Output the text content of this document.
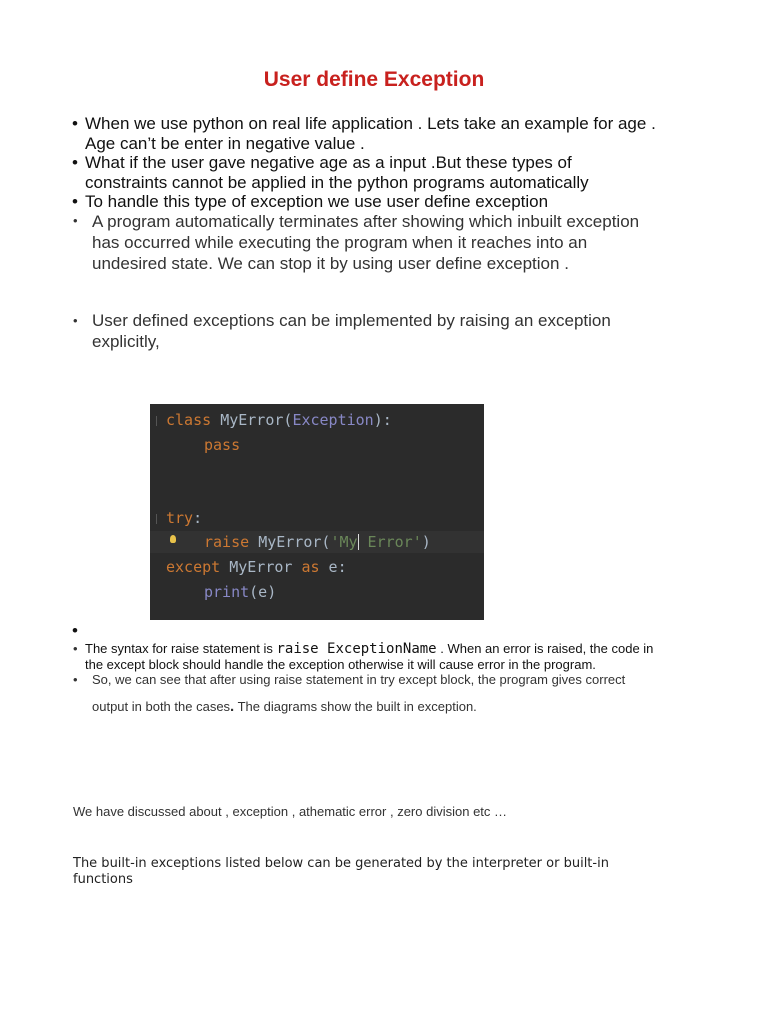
User define Exception
• When we use python on real life application . Lets take an example for age .
Age can’t be enter in negative value .
• What if the user gave negative age as a input .But these types of
constraints cannot be applied in the python programs automatically
• To handle this type of exception we use user define exception
• A program automatically terminates after showing which inbuilt exception
has occurred while executing the program when it reaches into an
undesired state. We can stop it by using user define exception .
• User defined exceptions can be implemented by raising an exception
explicitly,
class MyError(Exception):
pass
try:
raise MyError('My Error')
except MyError as e:
print(e)
•
• The syntax for raise statement is raise ExceptionName . When an error is raised, the code in
the except block should handle the exception otherwise it will cause error in the program.
• So, we can see that after using raise statement in try except block, the program gives correct
output in both the cases. The diagrams show the built in exception.
We have discussed about , exception , athematic error , zero division etc …
The built-in exceptions listed below can be generated by the interpreter or built-in
functions
